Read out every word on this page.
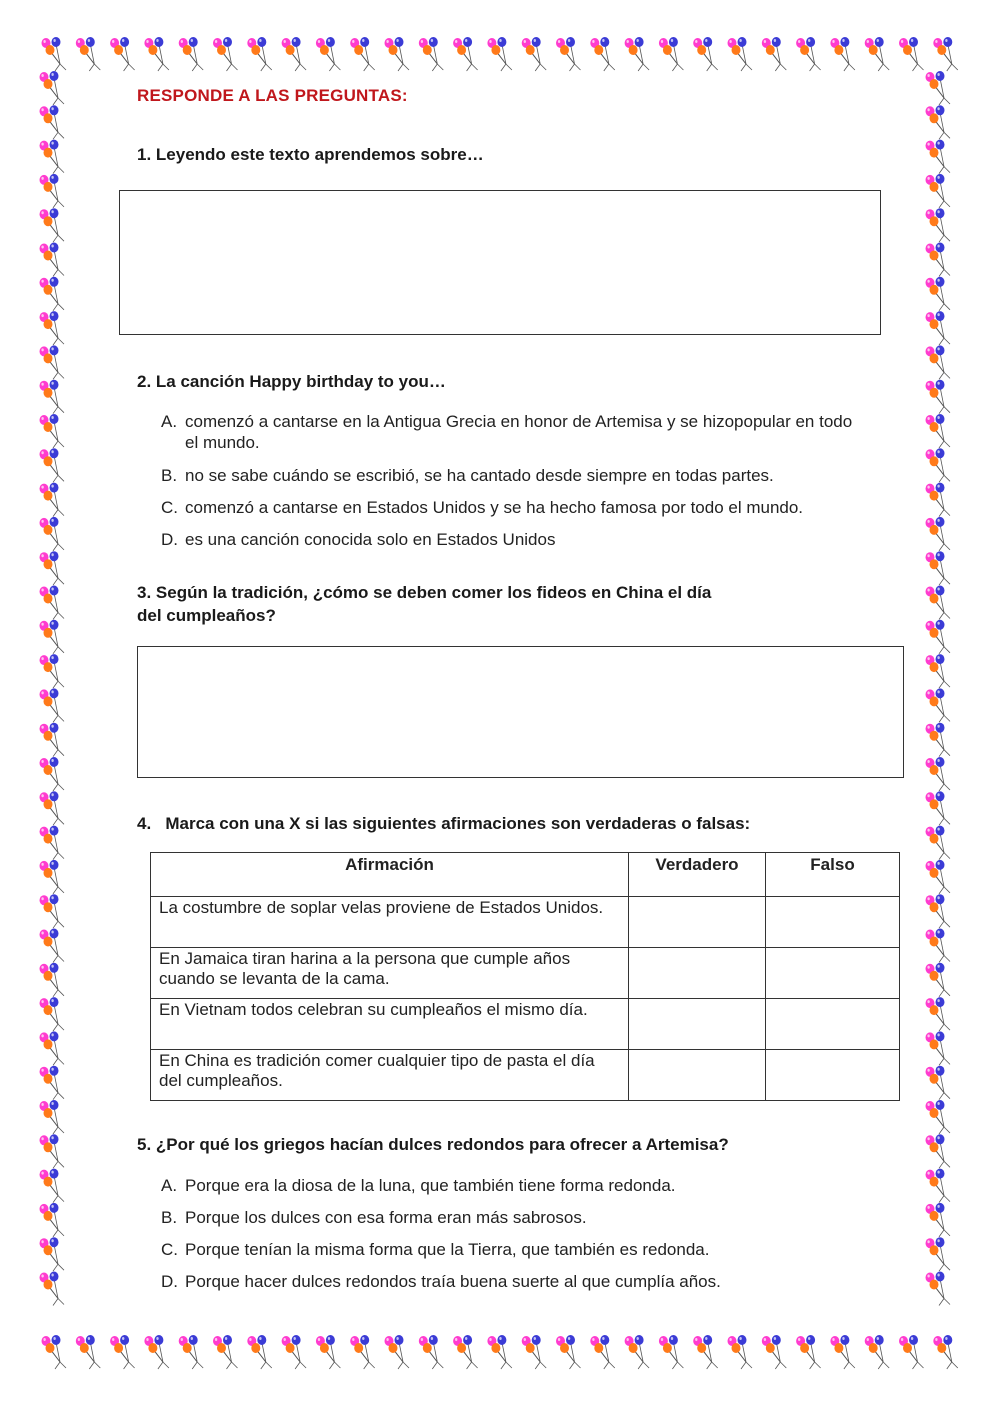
RESPONDE A LAS PREGUNTAS:
1. Leyendo este texto aprendemos sobre…
2. La canción Happy birthday to you…
A. comenzó a cantarse en la Antigua Grecia en honor de Artemisa y se hizopopular en todo el mundo.
B. no se sabe cuándo se escribió, se ha cantado desde siempre en todas partes.
C. comenzó a cantarse en Estados Unidos y se ha hecho famosa por todo el mundo.
D. es una canción conocida solo en Estados Unidos
3. Según la tradición, ¿cómo se deben comer los fideos en China el día
del cumpleaños?
4.   Marca con una X si las siguientes afirmaciones son verdaderas o falsas:
Afirmación	Verdadero	Falso
La costumbre de soplar velas proviene de Estados Unidos.		
En Jamaica tiran harina a la persona que cumple años cuando se levanta de la cama.		
En Vietnam todos celebran su cumpleaños el mismo día.		
En China es tradición comer cualquier tipo de pasta el día del cumpleaños.		
5. ¿Por qué los griegos hacían dulces redondos para ofrecer a Artemisa?
A. Porque era la diosa de la luna, que también tiene forma redonda.
B. Porque los dulces con esa forma eran más sabrosos.
C. Porque tenían la misma forma que la Tierra, que también es redonda.
D. Porque hacer dulces redondos traía buena suerte al que cumplía años.
